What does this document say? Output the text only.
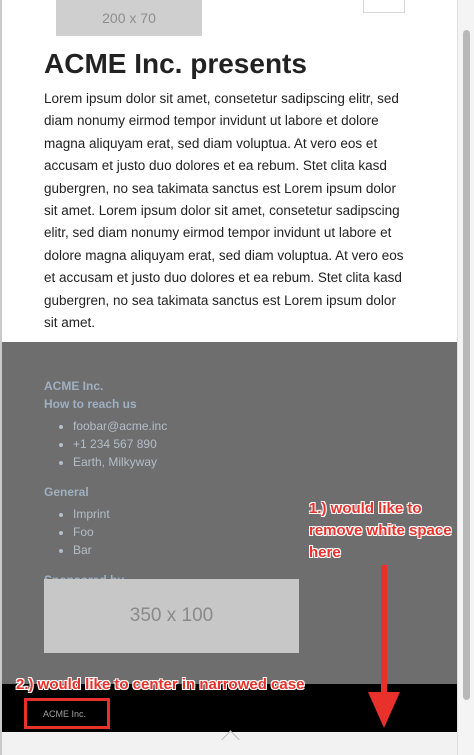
200 x 70
ACME Inc. presents

Lorem ipsum dolor sit amet, consetetur sadipscing elitr, sed diam nonumy eirmod tempor invidunt ut labore et dolore magna aliquyam erat, sed diam voluptua. At vero eos et accusam et justo duo dolores et ea rebum. Stet clita kasd gubergren, no sea takimata sanctus est Lorem ipsum dolor sit amet. Lorem ipsum dolor sit amet, consetetur sadipscing elitr, sed diam nonumy eirmod tempor invidunt ut labore et dolore magna aliquyam erat, sed diam voluptua. At vero eos et accusam et justo duo dolores et ea rebum. Stet clita kasd gubergren, no sea takimata sanctus est Lorem ipsum dolor sit amet.

ACME Inc.
How to reach us
• foobar@acme.inc
• +1 234 567 890
• Earth, Milkyway
General
• Imprint
• Foo
• Bar
350 x 100
ACME Inc.
1.) would like to remove white space here
2.) would like to center in narrowed case
